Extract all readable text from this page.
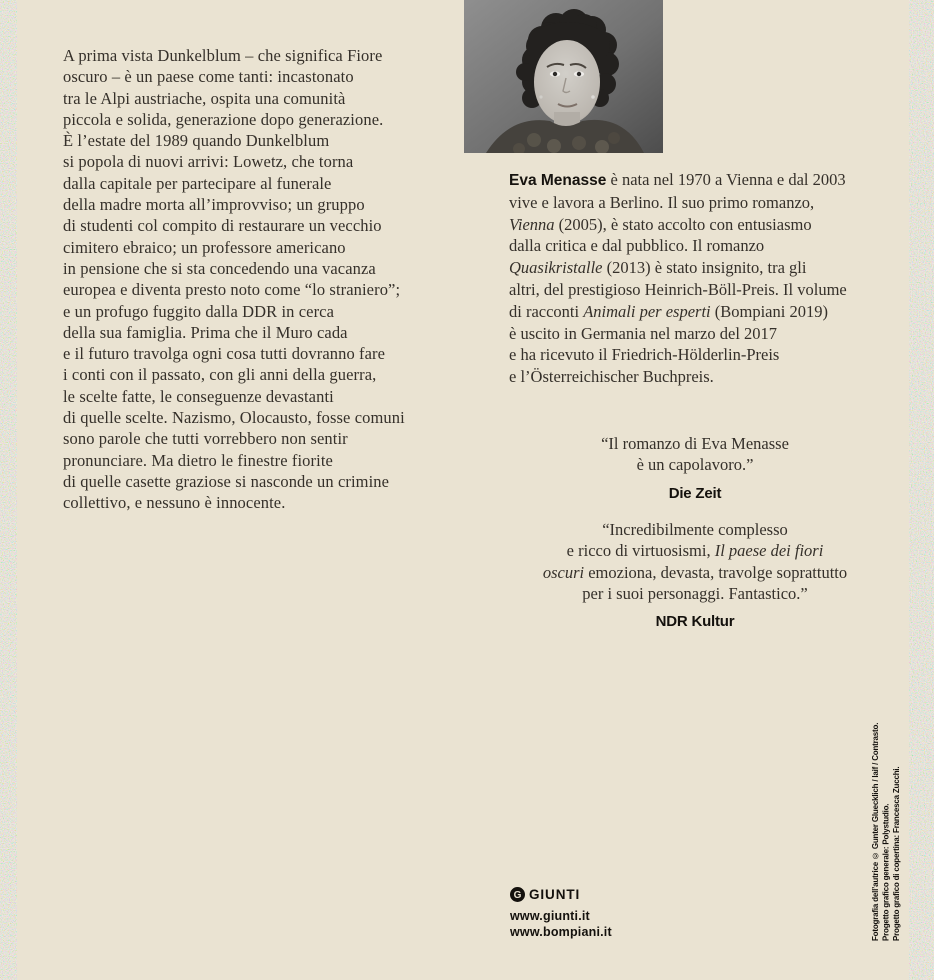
A prima vista Dunkelblum – che significa Fiore
oscuro – è un paese come tanti: incastonato
tra le Alpi austriache, ospita una comunità
piccola e solida, generazione dopo generazione.
È l’estate del 1989 quando Dunkelblum
si popola di nuovi arrivi: Lowetz, che torna
dalla capitale per partecipare al funerale
della madre morta all’improvviso; un gruppo
di studenti col compito di restaurare un vecchio
cimitero ebraico; un professore americano
in pensione che si sta concedendo una vacanza
europea e diventa presto noto come “lo straniero”;
e un profugo fuggito dalla DDR in cerca
della sua famiglia. Prima che il Muro cada
e il futuro travolga ogni cosa tutti dovranno fare
i conti con il passato, con gli anni della guerra,
le scelte fatte, le conseguenze devastanti
di quelle scelte. Nazismo, Olocausto, fosse comuni
sono parole che tutti vorrebbero non sentir
pronunciare. Ma dietro le finestre fiorite
di quelle casette graziose si nasconde un crimine
collettivo, e nessuno è innocente.
Eva Menasse è nata nel 1970 a Vienna e dal 2003
vive e lavora a Berlino. Il suo primo romanzo,
Vienna (2005), è stato accolto con entusiasmo
dalla critica e dal pubblico. Il romanzo
Quasikristalle (2013) è stato insignito, tra gli
altri, del prestigioso Heinrich-Böll-Preis. Il volume
di racconti Animali per esperti (Bompiani 2019)
è uscito in Germania nel marzo del 2017
e ha ricevuto il Friedrich-Hölderlin-Preis
e l’Österreichischer Buchpreis.
“Il romanzo di Eva Menasse
è un capolavoro.”
Die Zeit
“Incredibilmente complesso
e ricco di virtuosismi, Il paese dei fiori
oscuri emoziona, devasta, travolge soprattutto
per i suoi personaggi. Fantastico.”
NDR Kultur
G GIUNTI
www.giunti.it
www.bompiani.it	Fotografia dell’autrice © Gunter Gluecklich / laif / Contrasto. Progetto grafico generale: Polystudio. Progetto grafico di copertina: Francesca Zucchi.
